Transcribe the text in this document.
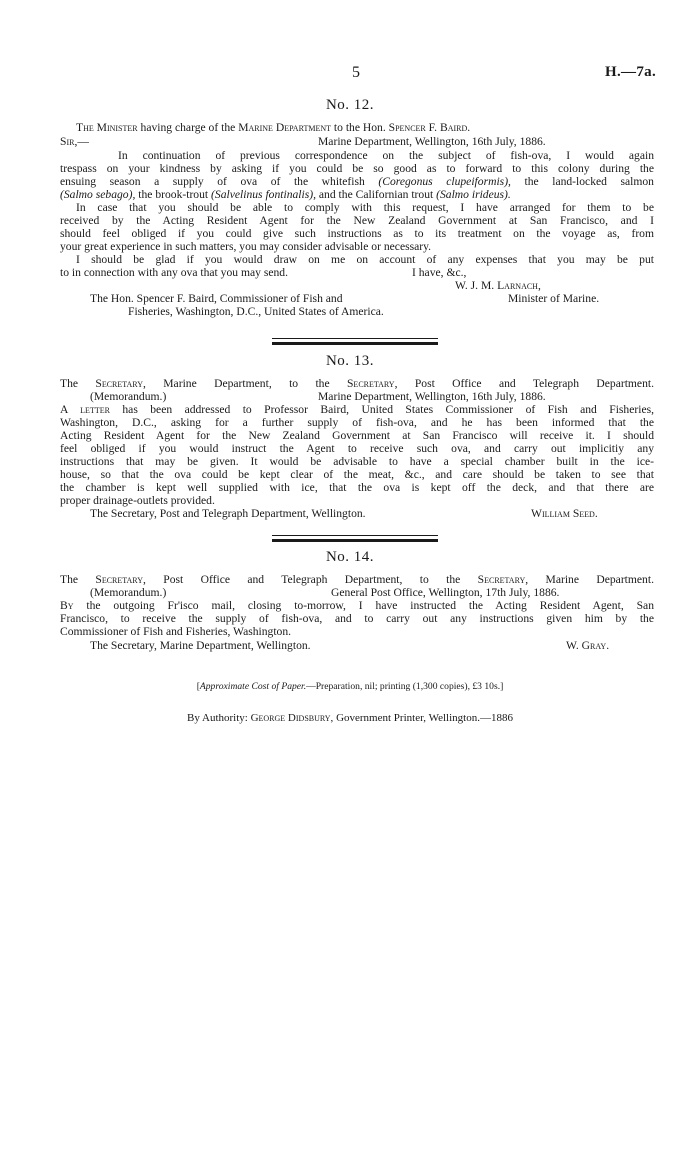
5	H.—7a.
No. 12.
The Minister having charge of the Marine Department to the Hon. Spencer F. Baird.
Sir,—	Marine Department, Wellington, 16th July, 1886.
In continuation of previous correspondence on the subject of fish-ova, I would again
trespass on your kindness by asking if you could be so good as to forward to this colony during the
ensuing season a supply of ova of the whitefish (Coregonus clupeiformis), the land-locked salmon
(Salmo sebago), the brook-trout (Salvelinus fontinalis), and the Californian trout (Salmo irideus).
In case that you should be able to comply with this request, I have arranged for them to be
received by the Acting Resident Agent for the New Zealand Government at San Francisco, and I
should feel obliged if you could give such instructions as to its treatment on the voyage as, from
your great experience in such matters, you may consider advisable or necessary.
I should be glad if you would draw on me on account of any expenses that you may be put
to in connection with any ova that you may send.	I have, &c.,
W. J. M. Larnach,
The Hon. Spencer F. Baird, Commissioner of Fish and	Minister of Marine.
Fisheries, Washington, D.C., United States of America.
No. 13.
The Secretary, Marine Department, to the Secretary, Post Office and Telegraph Department.
(Memorandum.)	Marine Department, Wellington, 16th July, 1886.
A letter has been addressed to Professor Baird, United States Commissioner of Fish and Fisheries,
Washington, D.C., asking for a further supply of fish-ova, and he has been informed that the
Acting Resident Agent for the New Zealand Government at San Francisco will receive it. I should
feel obliged if you would instruct the Agent to receive such ova, and carry out implicitiy any
instructions that may be given. It would be advisable to have a special chamber built in the ice-
house, so that the ova could be kept clear of the meat, &c., and care should be taken to see that
the chamber is kept well supplied with ice, that the ova is kept off the deck, and that there are
proper drainage-outlets provided.
The Secretary, Post and Telegraph Department, Wellington.	William Seed.
No. 14.
The Secretary, Post Office and Telegraph Department, to the Secretary, Marine Department.
(Memorandum.)	General Post Office, Wellington, 17th July, 1886.
By the outgoing Fr'isco mail, closing to-morrow, I have instructed the Acting Resident Agent, San
Francisco, to receive the supply of fish-ova, and to carry out any instructions given him by the
Commissioner of Fish and Fisheries, Washington.
The Secretary, Marine Department, Wellington.	W. Gray.
[Approximate Cost of Paper.—Preparation, nil; printing (1,300 copies), £3 10s.]
By Authority: George Didsbury, Government Printer, Wellington.—1886
